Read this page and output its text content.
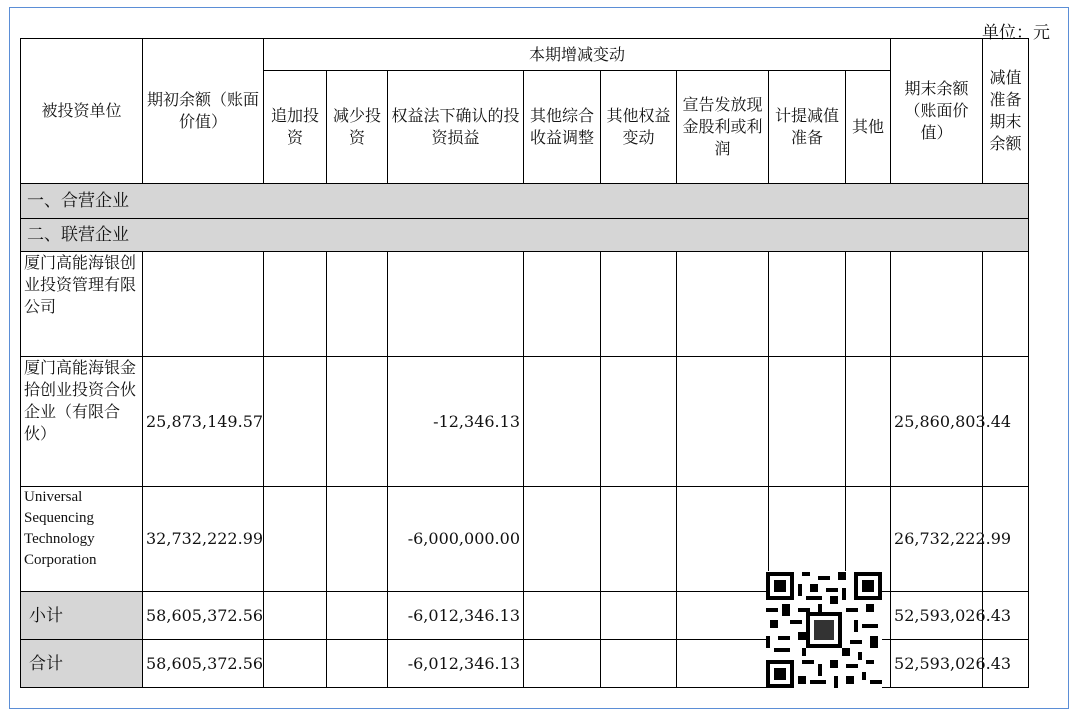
单位：元
被投资单位	期初余额（账面价值）	本期增减变动								期末余额（账面价值）	减值准备期末余额
		追加投资	减少投资	权益法下确认的投资损益	其他综合收益调整	其他权益变动	宣告发放现金股利或利润	计提减值准备	其他		
一、合营企业											
二、联营企业											
厦门高能海银创业投资管理有限公司											
厦门高能海银金拾创业投资合伙企业（有限合伙）	25,873,149.57			-12,346.13						25,860,803.44	
Universal Sequencing Technology Corporation	32,732,222.99			-6,000,000.00						26,732,222.99	
小计	58,605,372.56			-6,012,346.13						52,593,026.43	
合计	58,605,372.56			-6,012,346.13						52,593,026.43	
